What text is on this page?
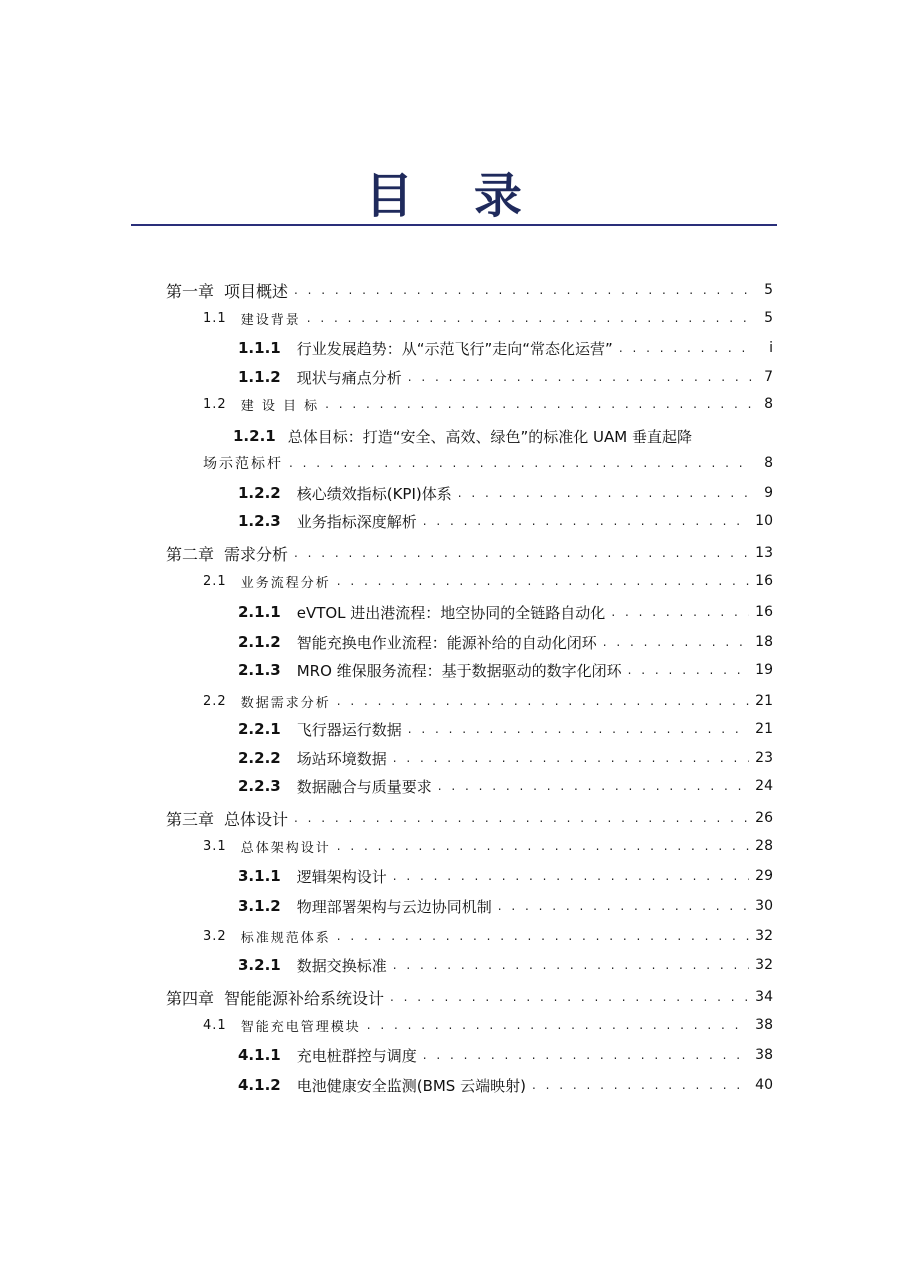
目 录
第一章 项目概述 . . .	5
1.1 建设背景 . . .	5
1.1.1 行业发展趋势：从“示范飞行”走向“常态化运营” . . .	i
1.1.2 现状与痛点分析 . . .	7
1.2 建 设 目 标 . . .	8
1.2.1 总体目标：打造“安全、高效、绿色”的标准化 UAM 垂直起降
场示范标杆 . . .	8
1.2.2 核心绩效指标(KPI)体系 . . .	9
1.2.3 业务指标深度解析 . . .	10
第二章 需求分析 . . .	13
2.1 业务流程分析 . . .	16
2.1.1 eVTOL 进出港流程：地空协同的全链路自动化 . . .	16
2.1.2 智能充换电作业流程：能源补给的自动化闭环 . . .	18
2.1.3 MRO 维保服务流程：基于数据驱动的数字化闭环 . . .	19
2.2 数据需求分析 . . .	21
2.2.1 飞行器运行数据 . . .	21
2.2.2 场站环境数据 . . .	23
2.2.3 数据融合与质量要求 . . .	24
第三章 总体设计 . . .	26
3.1 总体架构设计 . . .	28
3.1.1 逻辑架构设计 . . .	29
3.1.2 物理部署架构与云边协同机制 . . .	30
3.2 标准规范体系 . . .	32
3.2.1 数据交换标准 . . .	32
第四章 智能能源补给系统设计 . . .	34
4.1 智能充电管理模块 . . .	38
4.1.1 充电桩群控与调度 . . .	38
4.1.2 电池健康安全监测(BMS 云端映射) . . .	40
